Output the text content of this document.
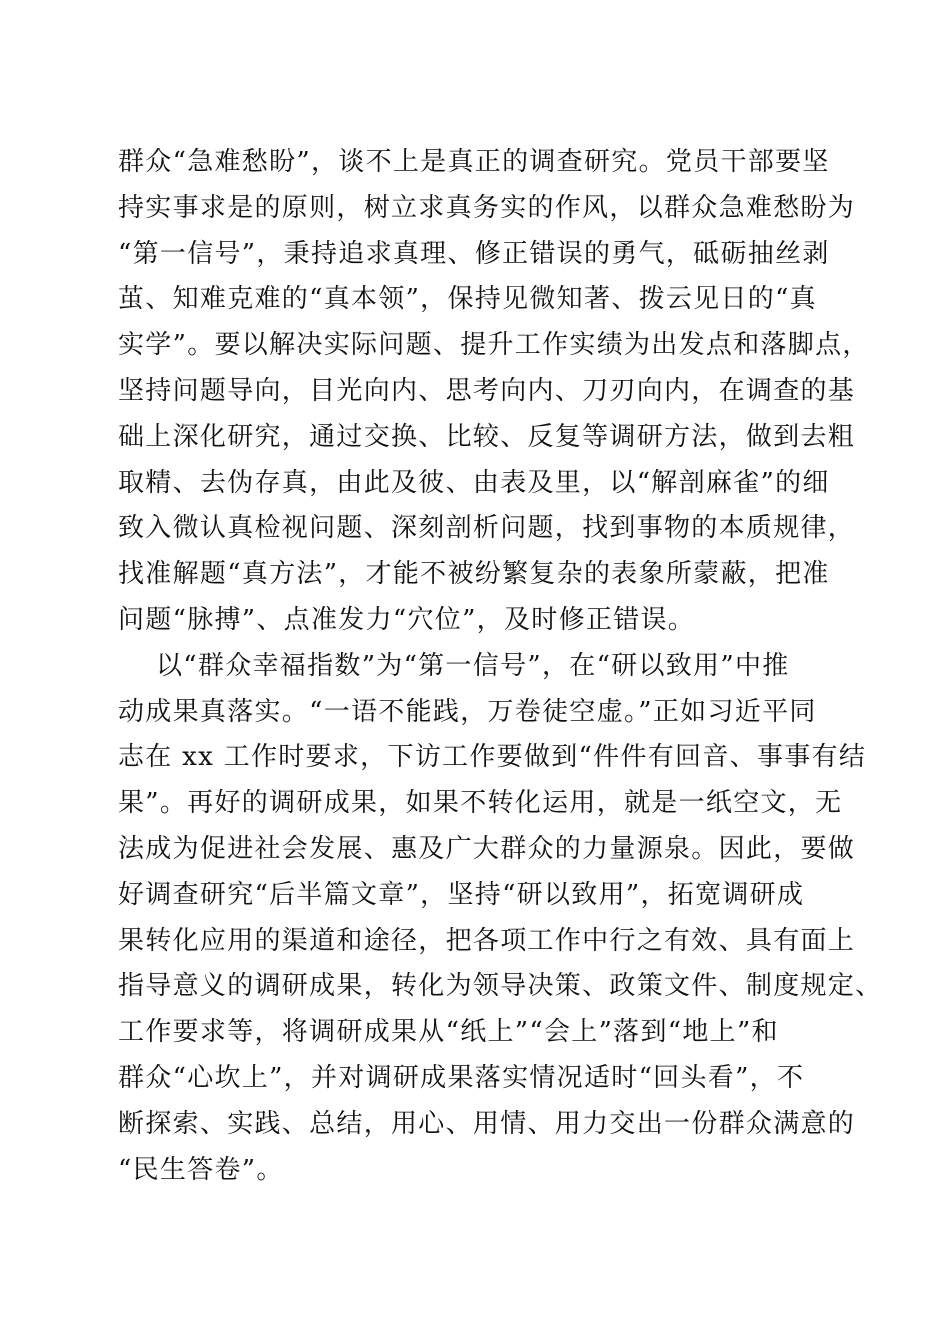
群众“急难愁盼”，谈不上是真正的调查研究。党员干部要坚
持实事求是的原则，树立求真务实的作风，以群众急难愁盼为
“第一信号”，秉持追求真理、修正错误的勇气，砥砺抽丝剥
茧、知难克难的“真本领”，保持见微知著、拨云见日的“真
实学”。要以解决实际问题、提升工作实绩为出发点和落脚点，
坚持问题导向，目光向内、思考向内、刀刃向内，在调查的基
础上深化研究，通过交换、比较、反复等调研方法，做到去粗
取精、去伪存真，由此及彼、由表及里，以“解剖麻雀”的细
致入微认真检视问题、深刻剖析问题，找到事物的本质规律，
找准解题“真方法”，才能不被纷繁复杂的表象所蒙蔽，把准
问题“脉搏”、点准发力“穴位”，及时修正错误。
以“群众幸福指数”为“第一信号”，在“研以致用”中推
动成果真落实。“一语不能践，万卷徒空虚。”正如习近平同
志在 xx 工作时要求，下访工作要做到“件件有回音、事事有结
果”。再好的调研成果，如果不转化运用，就是一纸空文，无
法成为促进社会发展、惠及广大群众的力量源泉。因此，要做
好调查研究“后半篇文章”，坚持“研以致用”，拓宽调研成
果转化应用的渠道和途径，把各项工作中行之有效、具有面上
指导意义的调研成果，转化为领导决策、政策文件、制度规定、
工作要求等，将调研成果从“纸上”“会上”落到“地上”和
群众“心坎上”，并对调研成果落实情况适时“回头看”，不
断探索、实践、总结，用心、用情、用力交出一份群众满意的
“民生答卷”。
